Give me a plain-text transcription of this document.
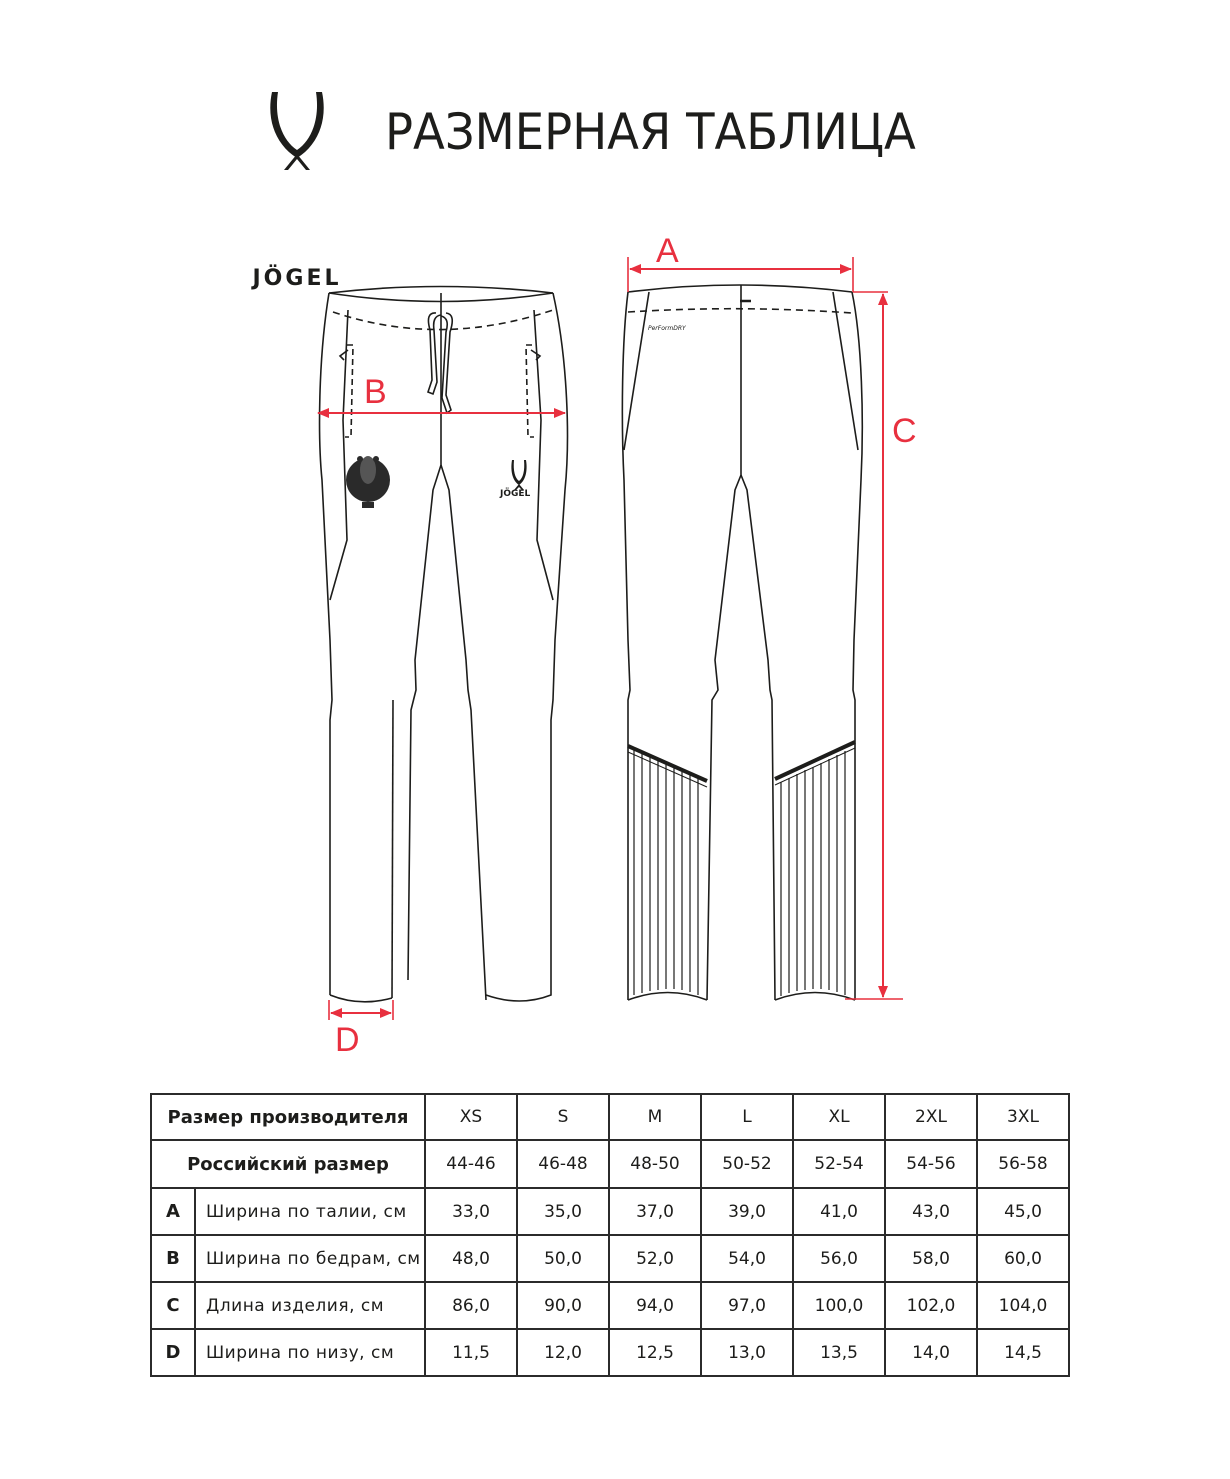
JÖGEL
РАЗМЕРНАЯ ТАБЛИЦА
JÖGEL
PerFormDRY
A
B
C
D
Размер производителя		XS	S	M	L	XL	2XL	3XL
Российский размер		44-46	46-48	48-50	50-52	52-54	54-56	56-58
A	Ширина по талии, см	33,0	35,0	37,0	39,0	41,0	43,0	45,0
B	Ширина по бедрам, см	48,0	50,0	52,0	54,0	56,0	58,0	60,0
C	Длина изделия, см	86,0	90,0	94,0	97,0	100,0	102,0	104,0
D	Ширина по низу, см	11,5	12,0	12,5	13,0	13,5	14,0	14,5
